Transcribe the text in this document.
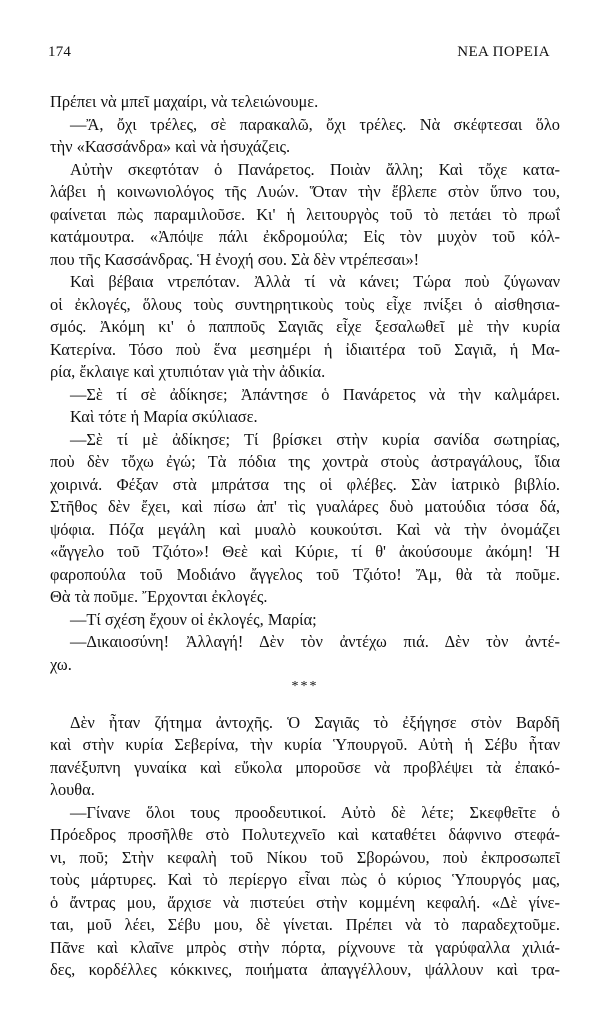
174	ΝΕΑ ΠΟΡΕΙΑ
Πρέπει νὰ μπεῖ μαχαίρι, νὰ τελειώνουμε.
—Ἄ, ὄχι τρέλες, σὲ παρακαλῶ, ὄχι τρέλες. Νὰ σκέφτεσαι ὅλο
τὴν «Κασσάνδρα» καὶ νὰ ἡσυχάζεις.
Αὐτὴν σκεφτόταν ὁ Πανάρετος. Ποιὰν ἄλλη; Καὶ τὄχε κατα-
λάβει ἡ κοινωνιολόγος τῆς Λυών. Ὅταν τὴν ἔβλεπε στὸν ὕπνο του,
φαίνεται πὼς παραμιλοῦσε. Κι' ἡ λειτουργὸς τοῦ τὸ πετάει τὸ πρωΐ
κατάμουτρα. «Ἀπόψε πάλι ἐκδρομούλα; Εἰς τὸν μυχὸν τοῦ κόλ-
που τῆς Κασσάνδρας. Ἡ ἐνοχή σου. Σὰ δὲν ντρέπεσαι»!
Καὶ βέβαια ντρεπόταν. Ἀλλὰ τί νὰ κάνει; Τώρα ποὺ ζύγωναν
οἱ ἐκλογές, ὅλους τοὺς συντηρητικοὺς τοὺς εἶχε πνίξει ὁ αἰσθησια-
σμός. Ἀκόμη κι' ὁ παπποῦς Σαγιᾶς εἶχε ξεσαλωθεῖ μὲ τὴν κυρία
Κατερίνα. Τόσο ποὺ ἕνα μεσημέρι ἡ ἰδιαιτέρα τοῦ Σαγιᾶ, ἡ Μα-
ρία, ἔκλαιγε καὶ χτυπιόταν γιὰ τὴν ἀδικία.
—Σὲ τί σὲ ἀδίκησε; Ἀπάντησε ὁ Πανάρετος νὰ τὴν καλμάρει.
Καὶ τότε ἡ Μαρία σκύλιασε.
—Σὲ τί μὲ ἀδίκησε; Τί βρίσκει στὴν κυρία σανίδα σωτηρίας,
ποὺ δὲν τὄχω ἐγώ; Τὰ πόδια της χοντρὰ στοὺς ἀστραγάλους, ἴδια
χοιρινά. Φέξαν στὰ μπράτσα της οἱ φλέβες. Σὰν ἰατρικὸ βιβλίο.
Στῆθος δὲν ἔχει, καὶ πίσω ἀπ' τὶς γυαλάρες δυὸ ματούδια τόσα δά,
ψόφια. Πόζα μεγάλη καὶ μυαλὸ κουκούτσι. Καὶ νὰ τὴν ὀνομάζει
«ἄγγελο τοῦ Τζιότο»! Θεὲ καὶ Κύριε, τί θ' ἀκούσουμε ἀκόμη! Ἡ
φαροπούλα τοῦ Μοδιάνο ἄγγελος τοῦ Τζιότο! Ἄμ, θὰ τὰ ποῦμε.
Θὰ τὰ ποῦμε. Ἔρχονται ἐκλογές.
—Τί σχέση ἔχουν οἱ ἐκλογές, Μαρία;
—Δικαιοσύνη! Ἀλλαγή! Δὲν τὸν ἀντέχω πιά. Δὲν τὸν ἀντέ-
χω.
***
Δὲν ἦταν ζήτημα ἀντοχῆς. Ὁ Σαγιᾶς τὸ ἐξήγησε στὸν Βαρδῆ
καὶ στὴν κυρία Σεβερίνα, τὴν κυρία Ὑπουργοῦ. Αὐτὴ ἡ Σέβυ ἦταν
πανέξυπνη γυναίκα καὶ εὔκολα μποροῦσε νὰ προβλέψει τὰ ἐπακό-
λουθα.
—Γίνανε ὅλοι τους προοδευτικοί. Αὐτὸ δὲ λέτε; Σκεφθεῖτε ὁ
Πρόεδρος προσῆλθε στὸ Πολυτεχνεῖο καὶ καταθέτει δάφνινο στεφά-
νι, ποῦ; Στὴν κεφαλὴ τοῦ Νίκου τοῦ Σβορώνου, ποὺ ἐκπροσωπεῖ
τοὺς μάρτυρες. Καὶ τὸ περίεργο εἶναι πὼς ὁ κύριος Ὑπουργός μας,
ὁ ἄντρας μου, ἄρχισε νὰ πιστεύει στὴν κομμένη κεφαλή. «Δὲ γίνε-
ται, μοῦ λέει, Σέβυ μου, δὲ γίνεται. Πρέπει νὰ τὸ παραδεχτοῦμε.
Πᾶνε καὶ κλαῖνε μπρὸς στὴν πόρτα, ρίχνουνε τὰ γαρύφαλλα χιλιά-
δες, κορδέλλες κόκκινες, ποιήματα ἀπαγγέλλουν, ψάλλουν καὶ τρα-
